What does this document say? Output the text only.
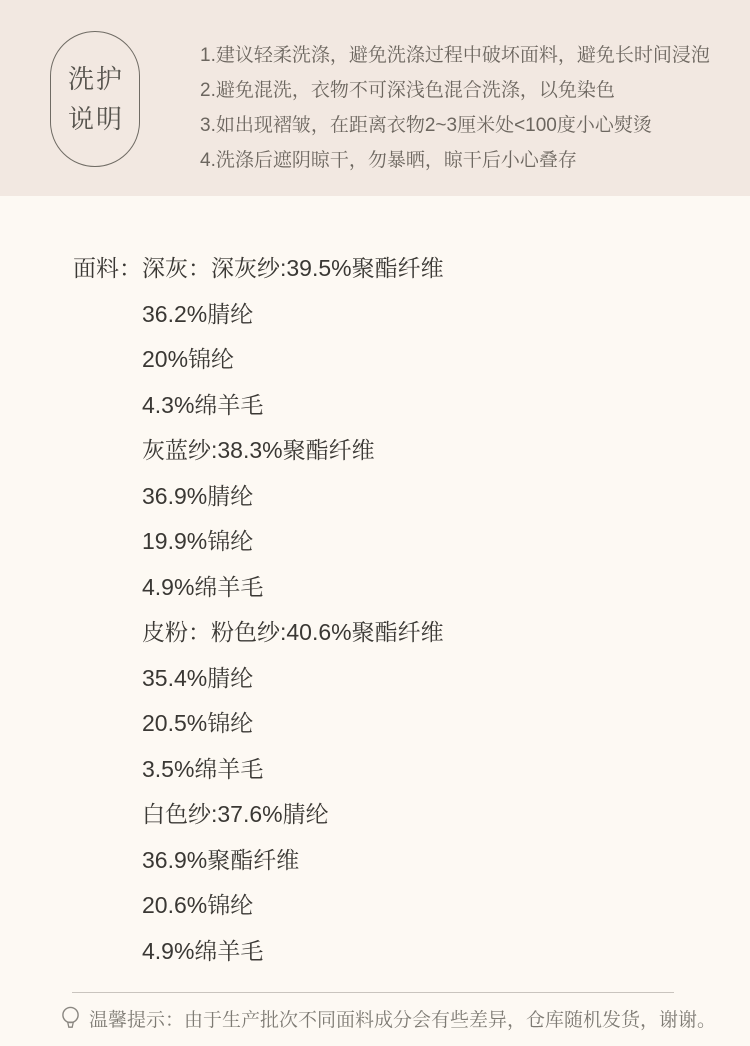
洗护
说明
1.建议轻柔洗涤，避免洗涤过程中破坏面料，避免长时间浸泡
2.避免混洗，衣物不可深浅色混合洗涤，以免染色
3.如出现褶皱，在距离衣物2~3厘米处<100度小心熨烫
4.洗涤后遮阴晾干，勿暴晒，晾干后小心叠存
面料： 深灰：深灰纱:39.5%聚酯纤维
36.2%腈纶
20%锦纶
4.3%绵羊毛
灰蓝纱:38.3%聚酯纤维
36.9%腈纶
19.9%锦纶
4.9%绵羊毛
皮粉：粉色纱:40.6%聚酯纤维
35.4%腈纶
20.5%锦纶
3.5%绵羊毛
白色纱:37.6%腈纶
36.9%聚酯纤维
20.6%锦纶
4.9%绵羊毛
温馨提示：由于生产批次不同面料成分会有些差异，仓库随机发货，谢谢。
